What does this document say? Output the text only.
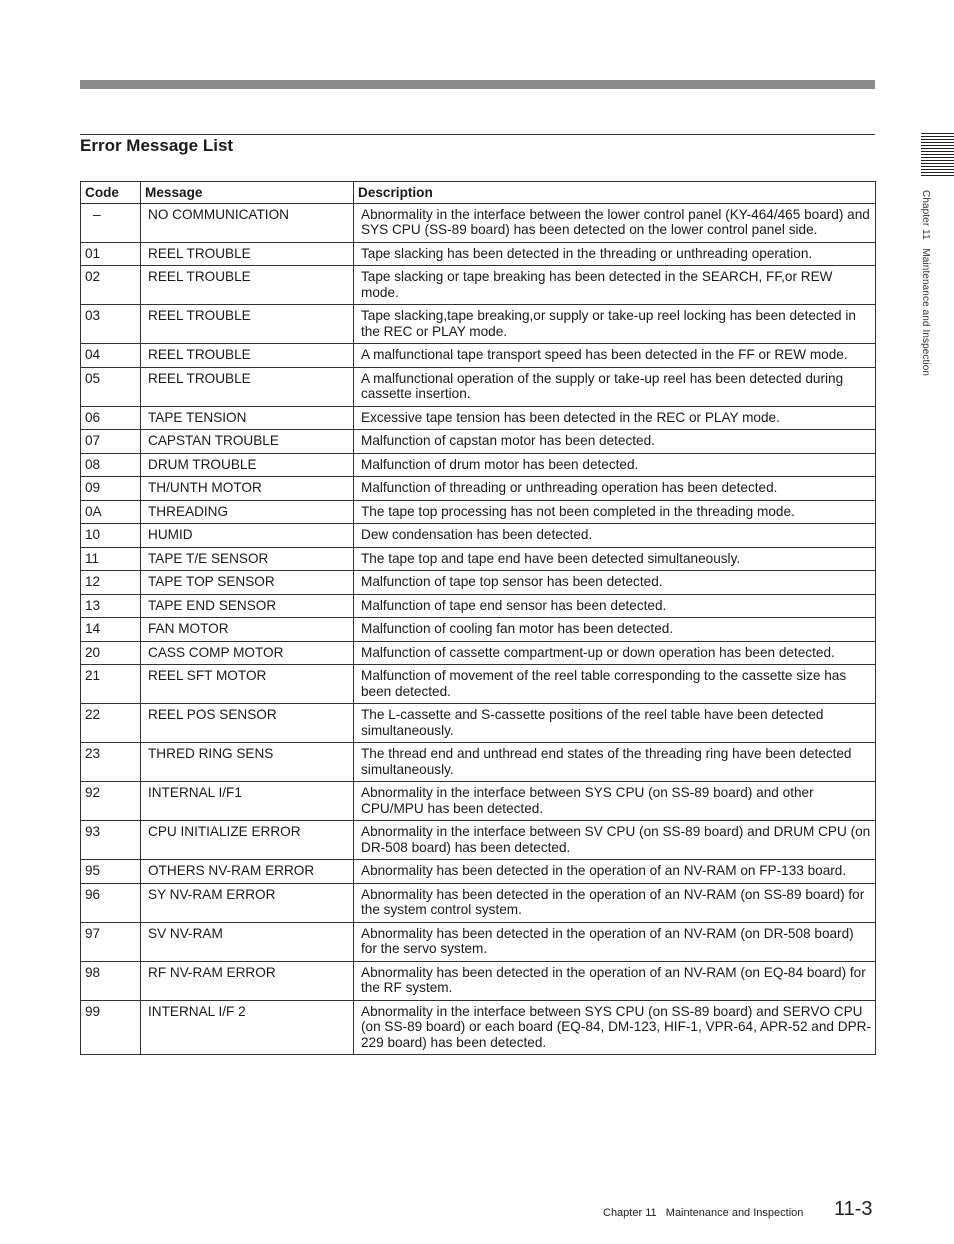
Error Message List
Chapter 11   Maintenance and Inspection
Code	Message	Description
–	NO COMMUNICATION	Abnormality in the interface between the lower control panel (KY-464/465 board) and SYS CPU (SS-89 board) has been detected on the lower control panel side.
01	REEL TROUBLE	Tape slacking has been detected in the threading or unthreading operation.
02	REEL TROUBLE	Tape slacking or tape breaking has been detected in the SEARCH, FF,or REW mode.
03	REEL TROUBLE	Tape slacking,tape breaking,or supply or take-up reel locking has been detected in the REC or PLAY mode.
04	REEL TROUBLE	A malfunctional tape transport speed has been detected in the FF or REW mode.
05	REEL TROUBLE	A malfunctional operation of the supply or take-up reel has been detected during cassette insertion.
06	TAPE TENSION	Excessive tape tension has been detected in the REC or PLAY mode.
07	CAPSTAN TROUBLE	Malfunction of capstan motor has been detected.
08	DRUM TROUBLE	Malfunction of drum motor has been detected.
09	TH/UNTH MOTOR	Malfunction of threading or unthreading operation has been detected.
0A	THREADING	The tape top processing has not been completed in the threading mode.
10	HUMID	Dew condensation has been detected.
11	TAPE T/E SENSOR	The tape top and tape end have been detected simultaneously.
12	TAPE TOP SENSOR	Malfunction of tape top sensor has been detected.
13	TAPE END SENSOR	Malfunction of tape end sensor has been detected.
14	FAN MOTOR	Malfunction of cooling fan motor has been detected.
20	CASS COMP MOTOR	Malfunction of cassette compartment-up or down operation has been detected.
21	REEL SFT MOTOR	Malfunction of movement of the reel table corresponding to the cassette size has been detected.
22	REEL POS SENSOR	The L-cassette and S-cassette positions of the reel table have been detected simultaneously.
23	THRED RING SENS	The thread end and unthread end states of the threading ring have been detected simultaneously.
92	INTERNAL I/F1	Abnormality in the interface between SYS CPU (on SS-89 board) and other CPU/MPU has been detected.
93	CPU INITIALIZE ERROR	Abnormality in the interface between SV CPU (on SS-89 board) and DRUM CPU (on DR-508 board) has been detected.
95	OTHERS NV-RAM ERROR	Abnormality has been detected in the operation of an NV-RAM on FP-133 board.
96	SY NV-RAM ERROR	Abnormality has been detected in the operation of an NV-RAM (on SS-89 board) for the system control system.
97	SV NV-RAM	Abnormality has been detected in the operation of an NV-RAM (on DR-508 board) for the servo system.
98	RF NV-RAM ERROR	Abnormality has been detected in the operation of an NV-RAM (on EQ-84 board) for the RF system.
99	INTERNAL I/F 2	Abnormality in the interface between SYS CPU (on SS-89 board) and SERVO CPU (on SS-89 board) or each board (EQ-84, DM-123, HIF-1, VPR-64, APR-52 and DPR-229 board) has been detected.
Chapter 11   Maintenance and Inspection 11-3
